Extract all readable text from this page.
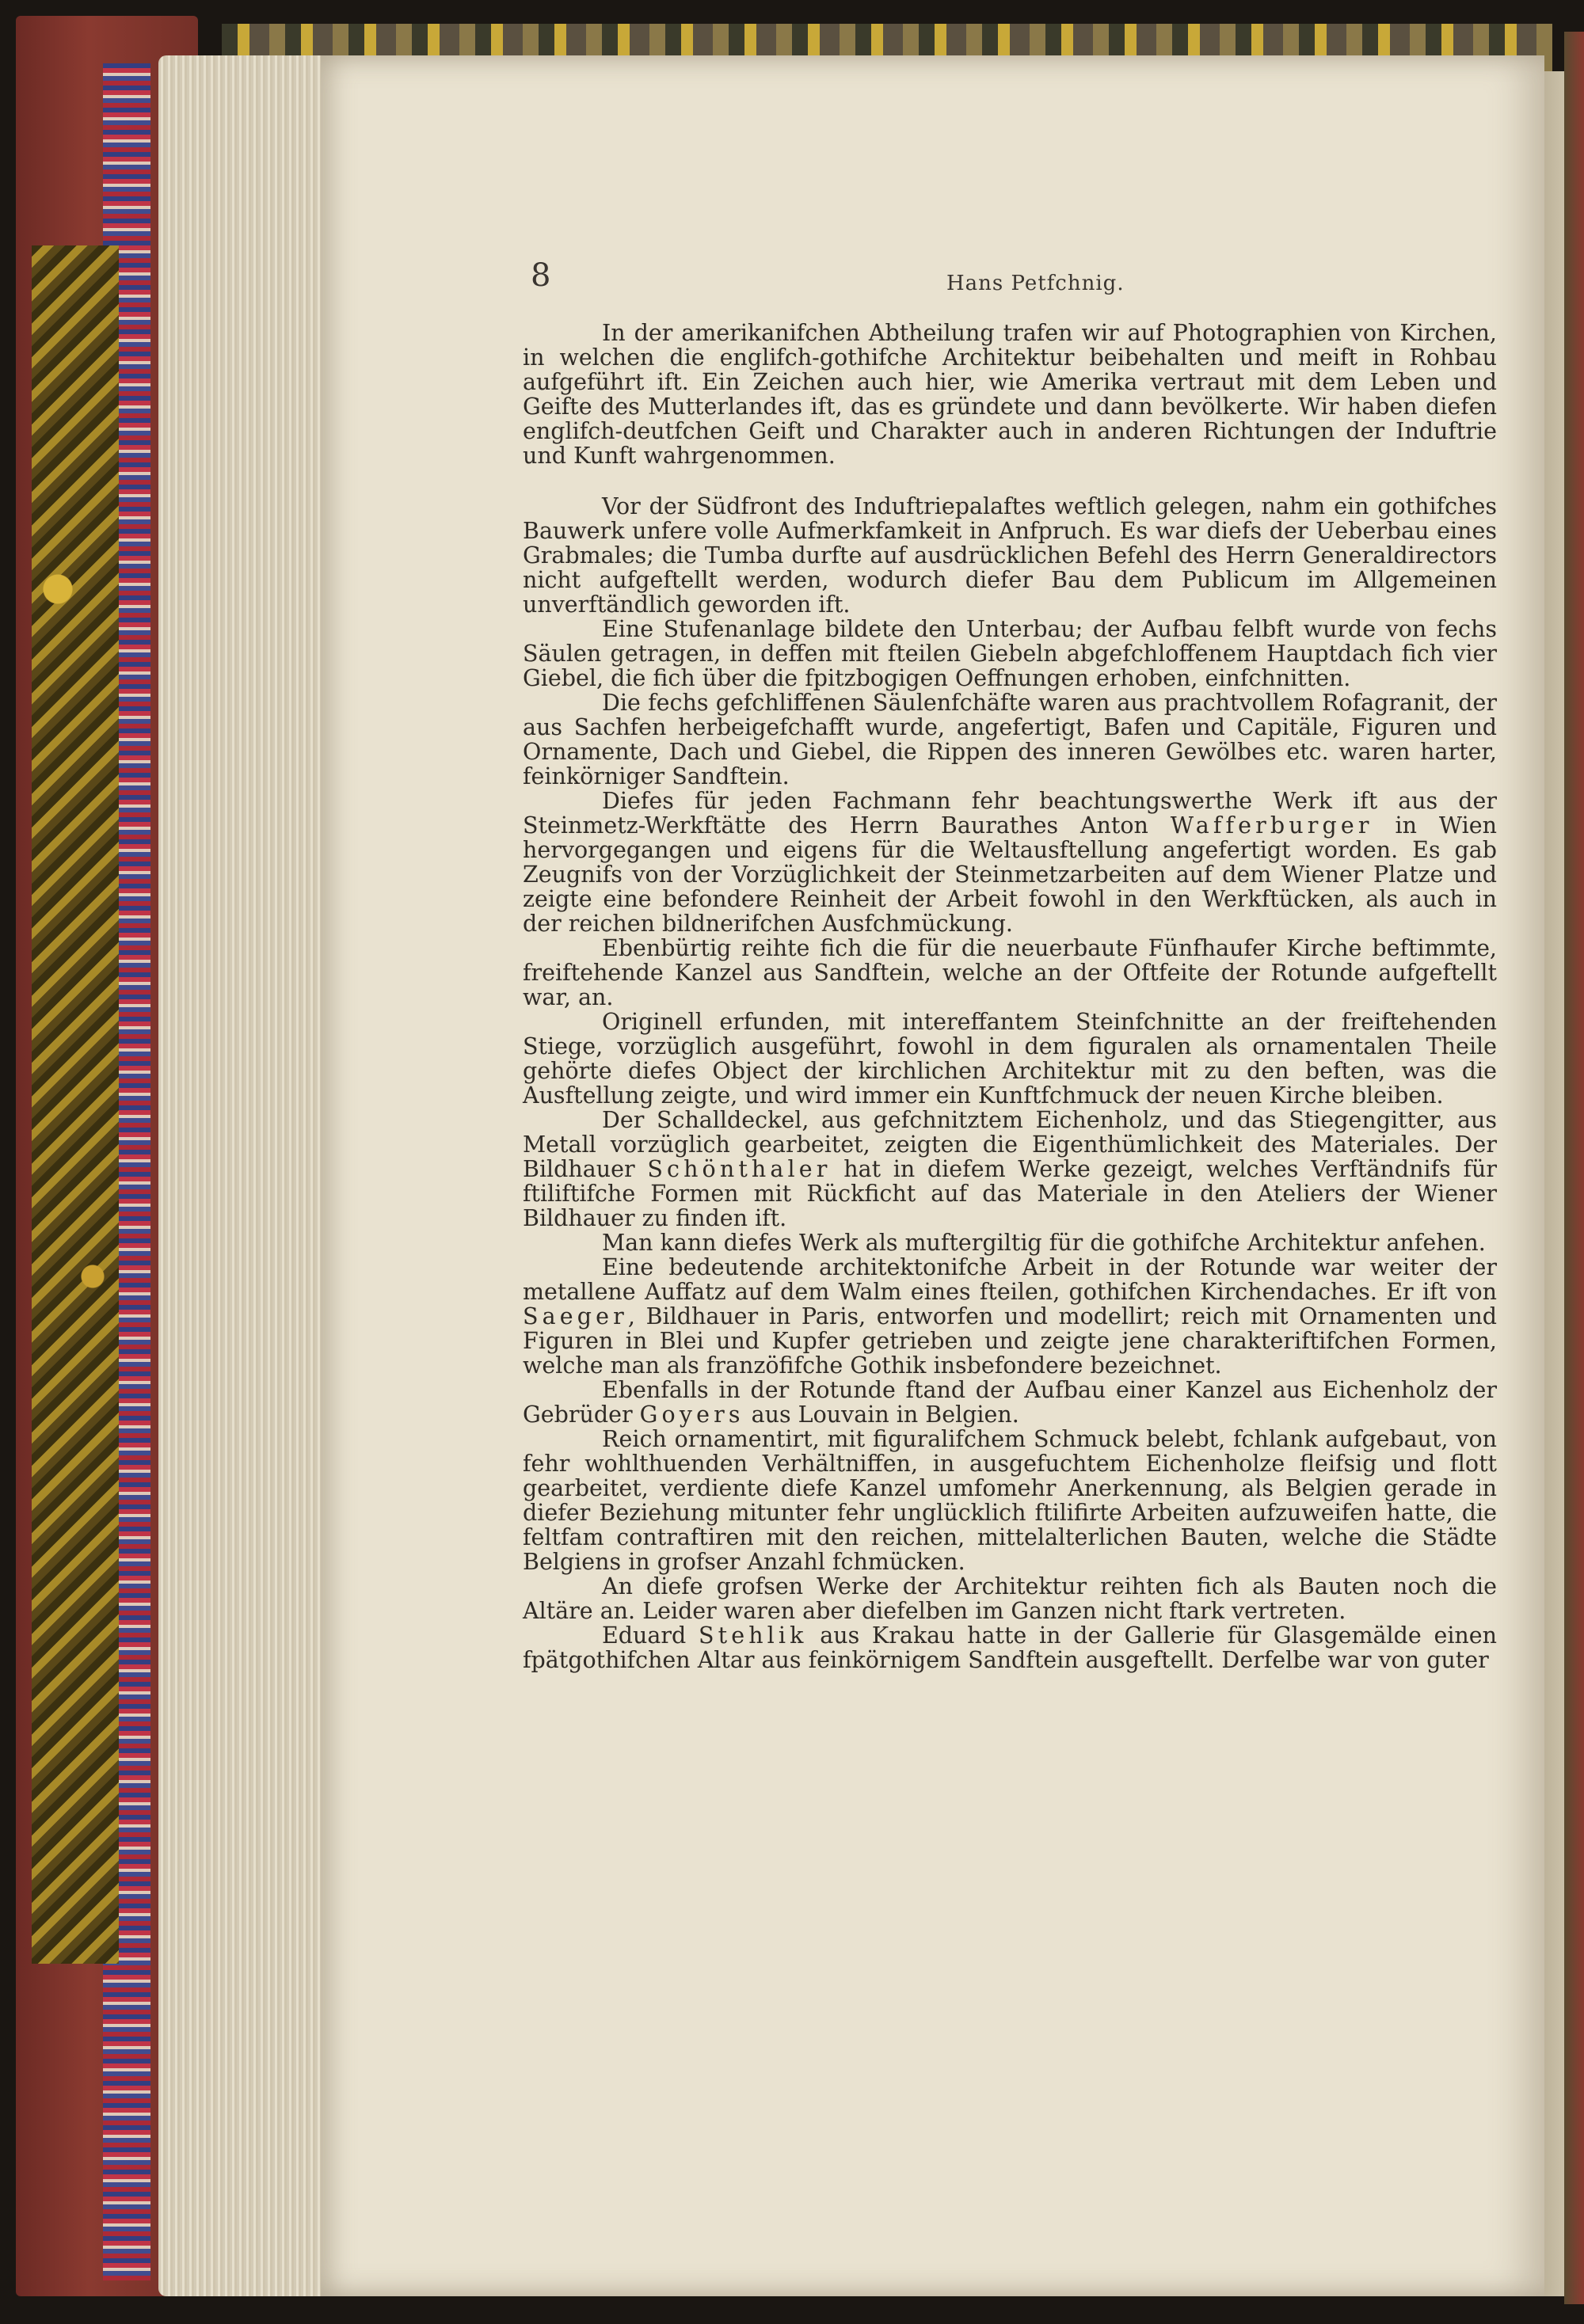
8	Hans Petfchnig.

In der amerikanifchen Abtheilung trafen wir auf Photographien von Kirchen, in welchen die englifch-gothifche Architektur beibehalten und meift in Rohbau aufgeführt ift. Ein Zeichen auch hier, wie Amerika vertraut mit dem Leben und Geifte des Mutterlandes ift, das es gründete und dann bevölkerte. Wir haben diefen englifch-deutfchen Geift und Charakter auch in anderen Richtungen der Induftrie und Kunft wahrgenommen.

Vor der Südfront des Induftriepalaftes weftlich gelegen, nahm ein gothifches Bauwerk unfere volle Aufmerkfamkeit in Anfpruch. Es war diefs der Ueberbau eines Grabmales; die Tumba durfte auf ausdrücklichen Befehl des Herrn Generaldirectors nicht aufgeftellt werden, wodurch diefer Bau dem Publicum im Allgemeinen unverftändlich geworden ift.

Eine Stufenanlage bildete den Unterbau; der Aufbau felbft wurde von fechs Säulen getragen, in deffen mit fteilen Giebeln abgefchloffenem Hauptdach fich vier Giebel, die fich über die fpitzbogigen Oeffnungen erhoben, einfchnitten.

Die fechs gefchliffenen Säulenfchäfte waren aus prachtvollem Rofagranit, der aus Sachfen herbeigefchafft wurde, angefertigt, Bafen und Capitäle, Figuren und Ornamente, Dach und Giebel, die Rippen des inneren Gewölbes etc. waren harter, feinkörniger Sandftein.

Diefes für jeden Fachmann fehr beachtungswerthe Werk ift aus der Steinmetz-Werkftätte des Herrn Baurathes Anton Wafferburger in Wien hervorgegangen und eigens für die Weltausftellung angefertigt worden. Es gab Zeugnifs von der Vorzüglichkeit der Steinmetzarbeiten auf dem Wiener Platze und zeigte eine befondere Reinheit der Arbeit fowohl in den Werkftücken, als auch in der reichen bildnerifchen Ausfchmückung.

Ebenbürtig reihte fich die für die neuerbaute Fünfhaufer Kirche beftimmte, freiftehende Kanzel aus Sandftein, welche an der Oftfeite der Rotunde aufgeftellt war, an.

Originell erfunden, mit intereffantem Steinfchnitte an der freiftehenden Stiege, vorzüglich ausgeführt, fowohl in dem figuralen als ornamentalen Theile gehörte diefes Object der kirchlichen Architektur mit zu den beften, was die Ausftellung zeigte, und wird immer ein Kunftfchmuck der neuen Kirche bleiben.

Der Schalldeckel, aus gefchnitztem Eichenholz, und das Stiegengitter, aus Metall vorzüglich gearbeitet, zeigten die Eigenthümlichkeit des Materiales. Der Bildhauer Schönthaler hat in diefem Werke gezeigt, welches Verftändnifs für ftiliftifche Formen mit Rückficht auf das Materiale in den Ateliers der Wiener Bildhauer zu finden ift.

Man kann diefes Werk als muftergiltig für die gothifche Architektur anfehen.

Eine bedeutende architektonifche Arbeit in der Rotunde war weiter der metallene Auffatz auf dem Walm eines fteilen, gothifchen Kirchendaches. Er ift von Saeger, Bildhauer in Paris, entworfen und modellirt; reich mit Ornamenten und Figuren in Blei und Kupfer getrieben und zeigte jene charakteriftifchen Formen, welche man als franzöfifche Gothik insbefondere bezeichnet.

Ebenfalls in der Rotunde ftand der Aufbau einer Kanzel aus Eichenholz der Gebrüder Goyers aus Louvain in Belgien.

Reich ornamentirt, mit figuralifchem Schmuck belebt, fchlank aufgebaut, von fehr wohlthuenden Verhältniffen, in ausgefuchtem Eichenholze fleifsig und flott gearbeitet, verdiente diefe Kanzel umfomehr Anerkennung, als Belgien gerade in diefer Beziehung mitunter fehr unglücklich ftilifirte Arbeiten aufzuweifen hatte, die feltfam contraftiren mit den reichen, mittelalterlichen Bauten, welche die Städte Belgiens in grofser Anzahl fchmücken.

An diefe grofsen Werke der Architektur reihten fich als Bauten noch die Altäre an. Leider waren aber diefelben im Ganzen nicht ftark vertreten.

Eduard Stehlik aus Krakau hatte in der Gallerie für Glasgemälde einen fpätgothifchen Altar aus feinkörnigem Sandftein ausgeftellt. Derfelbe war von guter
